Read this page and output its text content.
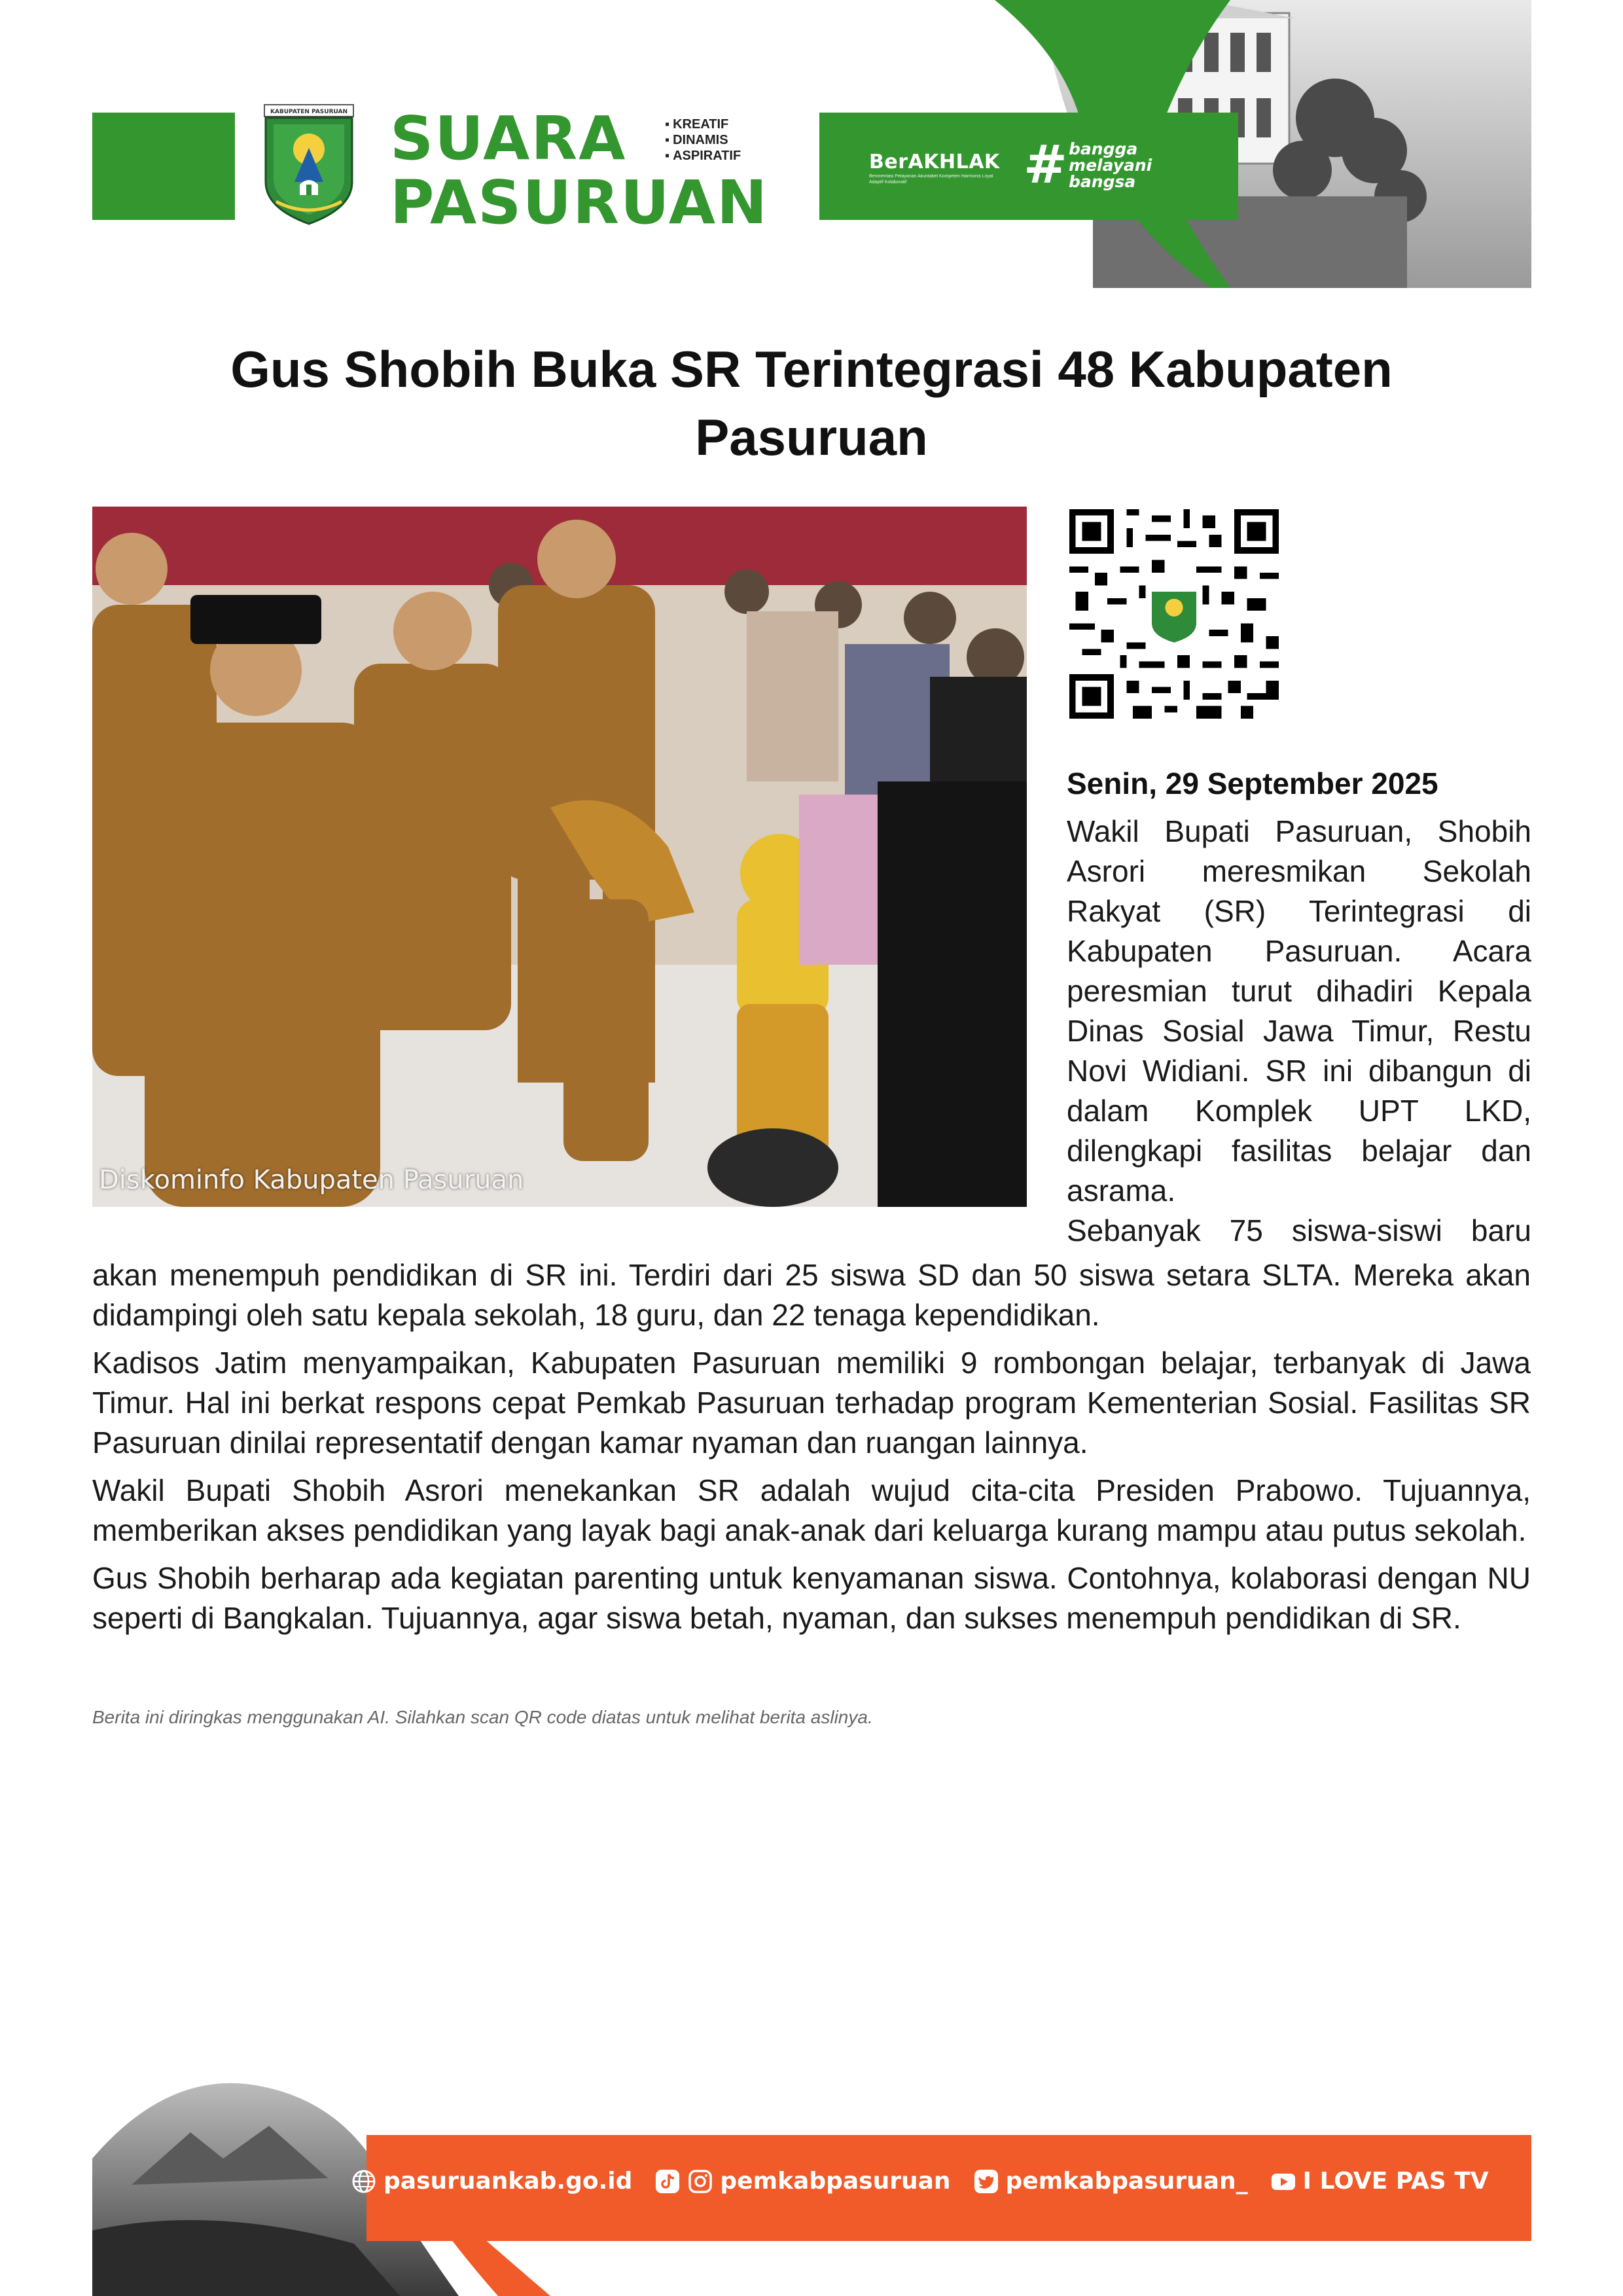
KABUPATEN PASURUAN SUARA
PASURUAN
▪ KREATIF
▪ DINAMIS
▪ ASPIRATIF	BerAKHLAK
Berorientasi Pelayanan Akuntabel Kompeten Harmonis Loyal Adaptif Kolaboratif	# bangga
melayani
bangsa
Gus Shobih Buka SR Terintegrasi 48 Kabupaten Pasuruan
Diskominfo Kabupaten Pasuruan
Senin, 29 September 2025

Wakil Bupati Pasuruan, Shobih Asrori meresmikan Sekolah Rakyat (SR) Terintegrasi di Kabupaten Pasuruan. Acara peresmian turut dihadiri Kepala Dinas Sosial Jawa Timur, Restu Novi Widiani. SR ini dibangun di dalam Komplek UPT LKD, dilengkapi fasilitas belajar dan asrama.

Sebanyak 75 siswa-siswi baru

akan menempuh pendidikan di SR ini. Terdiri dari 25 siswa SD dan 50 siswa setara SLTA. Mereka akan didampingi oleh satu kepala sekolah, 18 guru, dan 22 tenaga kependidikan.

Kadisos Jatim menyampaikan, Kabupaten Pasuruan memiliki 9 rombongan belajar, terbanyak di Jawa Timur. Hal ini berkat respons cepat Pemkab Pasuruan terhadap program Kementerian Sosial. Fasilitas SR Pasuruan dinilai representatif dengan kamar nyaman dan ruangan lainnya.

Wakil Bupati Shobih Asrori menekankan SR adalah wujud cita-cita Presiden Prabowo. Tujuannya, memberikan akses pendidikan yang layak bagi anak-anak dari keluarga kurang mampu atau putus sekolah.

Gus Shobih berharap ada kegiatan parenting untuk kenyamanan siswa. Contohnya, kolaborasi dengan NU seperti di Bangkalan. Tujuannya, agar siswa betah, nyaman, dan sukses menempuh pendidikan di SR.

Berita ini diringkas menggunakan AI. Silahkan scan QR code diatas untuk melihat berita aslinya.
pasuruankab.go.id	pemkabpasuruan pemkabpasuruan_ I LOVE PAS TV
